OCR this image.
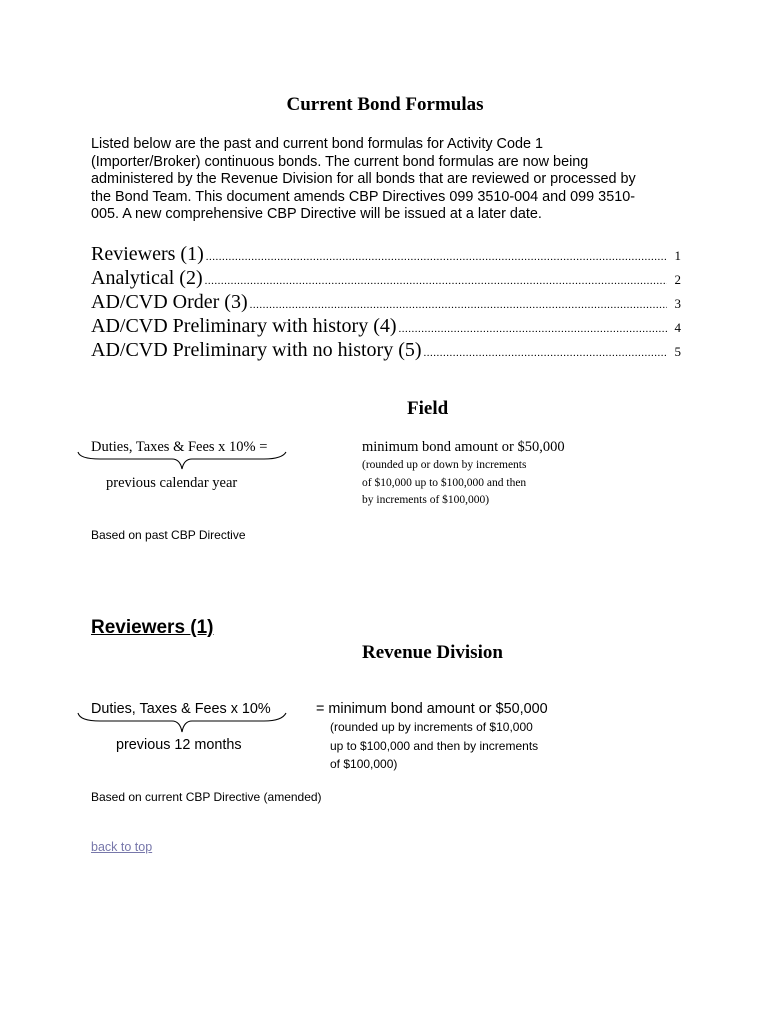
Current Bond Formulas

Listed below are the past and current bond formulas for Activity Code 1

(Importer/Broker) continuous bonds. The current bond formulas are now being

administered by the Revenue Division for all bonds that are reviewed or processed by

the Bond Team. This document amends CBP Directives 099 3510-004 and 099 3510-

005. A new comprehensive CBP Directive will be issued at a later date.

Reviewers (1) .....	1
Analytical (2) .....	2
AD/CVD Order (3) .....	3
AD/CVD Preliminary with history (4) .....	4
AD/CVD Preliminary with no history (5) .....	5
Field
Duties, Taxes & Fees x 10% =
previous calendar year
minimum bond amount or $50,000
(rounded up or down by increments
of $10,000 up to $100,000 and then
by increments of $100,000)
Based on past CBP Directive
Reviewers (1)
Revenue Division
Duties, Taxes & Fees x 10%
previous 12 months
= minimum bond amount or $50,000
(rounded up by increments of $10,000
up to $100,000 and then by increments
of $100,000)
Based on current CBP Directive (amended)
back to top
